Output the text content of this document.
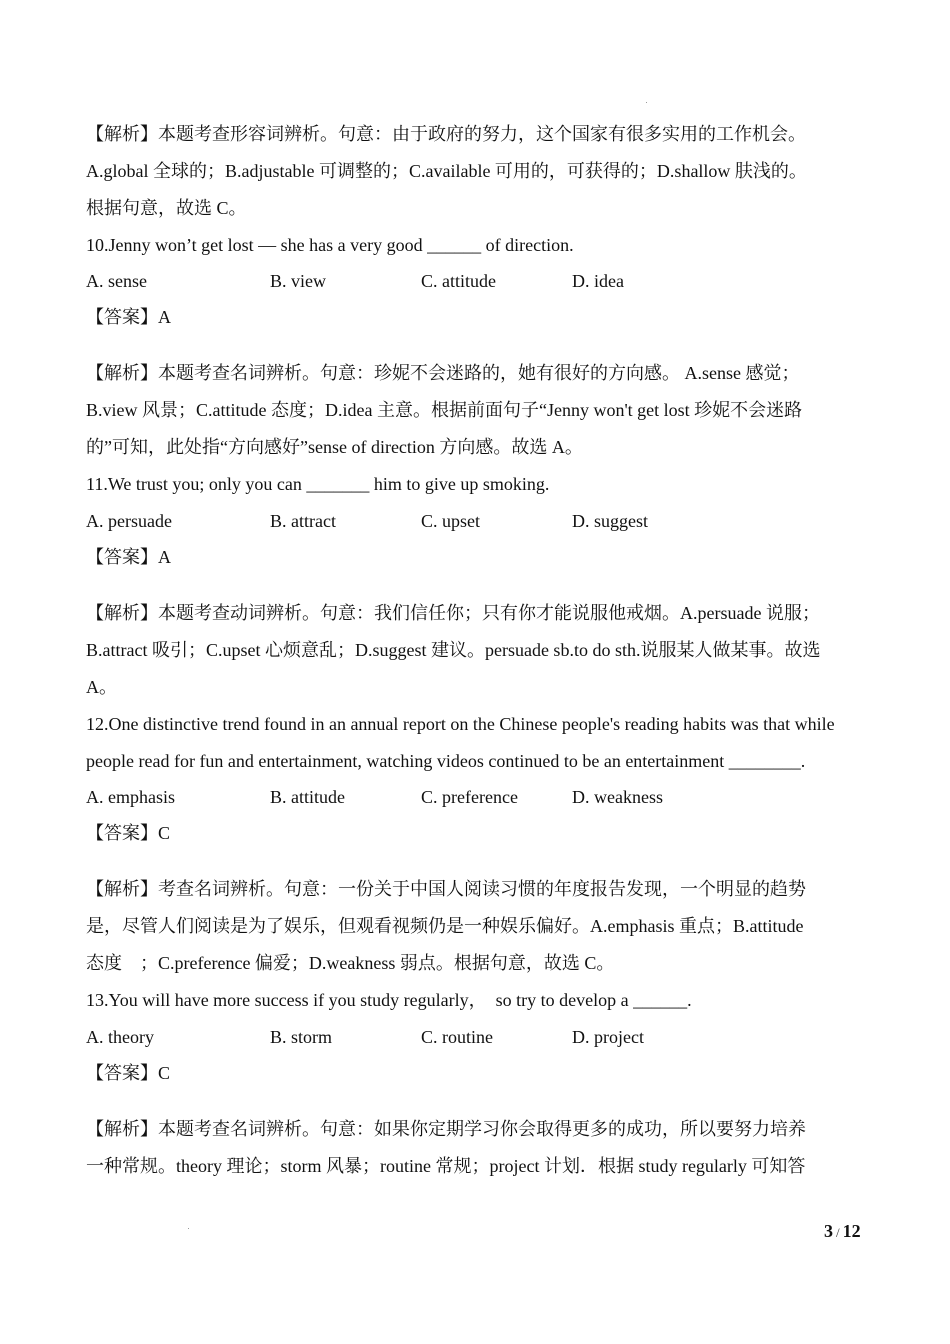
【解析】本题考查形容词辨析。句意：由于政府的努力，这个国家有很多实用的工作机会。
A.global 全球的；B.adjustable 可调整的；C.available 可用的，可获得的；D.shallow 肤浅的。
根据句意，故选 C。
10.Jenny won’t get lost — she has a very good ______ of direction.
A. sense	B. view	C. attitude	D. idea
【答案】A
【解析】本题考查名词辨析。句意：珍妮不会迷路的，她有很好的方向感。 A.sense 感觉；
B.view 风景；C.attitude 态度；D.idea 主意。根据前面句子“Jenny won't get lost 珍妮不会迷路
的”可知，此处指“方向感好”sense of direction 方向感。故选 A。
11.We trust you; only you can _______ him to give up smoking.
A. persuade	B. attract	C. upset	D. suggest
【答案】A
【解析】本题考查动词辨析。句意：我们信任你；只有你才能说服他戒烟。A.persuade 说服；
B.attract 吸引；C.upset 心烦意乱；D.suggest 建议。persuade sb.to do sth.说服某人做某事。故选
A。
12.One distinctive trend found in an annual report on the Chinese people's reading habits was that while
people read for fun and entertainment, watching videos continued to be an entertainment ________.
A. emphasis	B. attitude	C. preference	D. weakness
【答案】C
【解析】考查名词辨析。句意：一份关于中国人阅读习惯的年度报告发现，一个明显的趋势
是，尽管人们阅读是为了娱乐，但观看视频仍是一种娱乐偏好。A.emphasis 重点；B.attitude
态度　；C.preference 偏爱；D.weakness 弱点。根据句意，故选 C。
13.You will have more success if you study regularly，　so try to develop a ______.
A. theory	B. storm	C. routine	D. project
【答案】C
【解析】本题考查名词辨析。句意：如果你定期学习你会取得更多的成功，所以要努力培养
一种常规。theory 理论；storm 风暴；routine 常规；project 计划．根据 study regularly 可知答
3 / 12
